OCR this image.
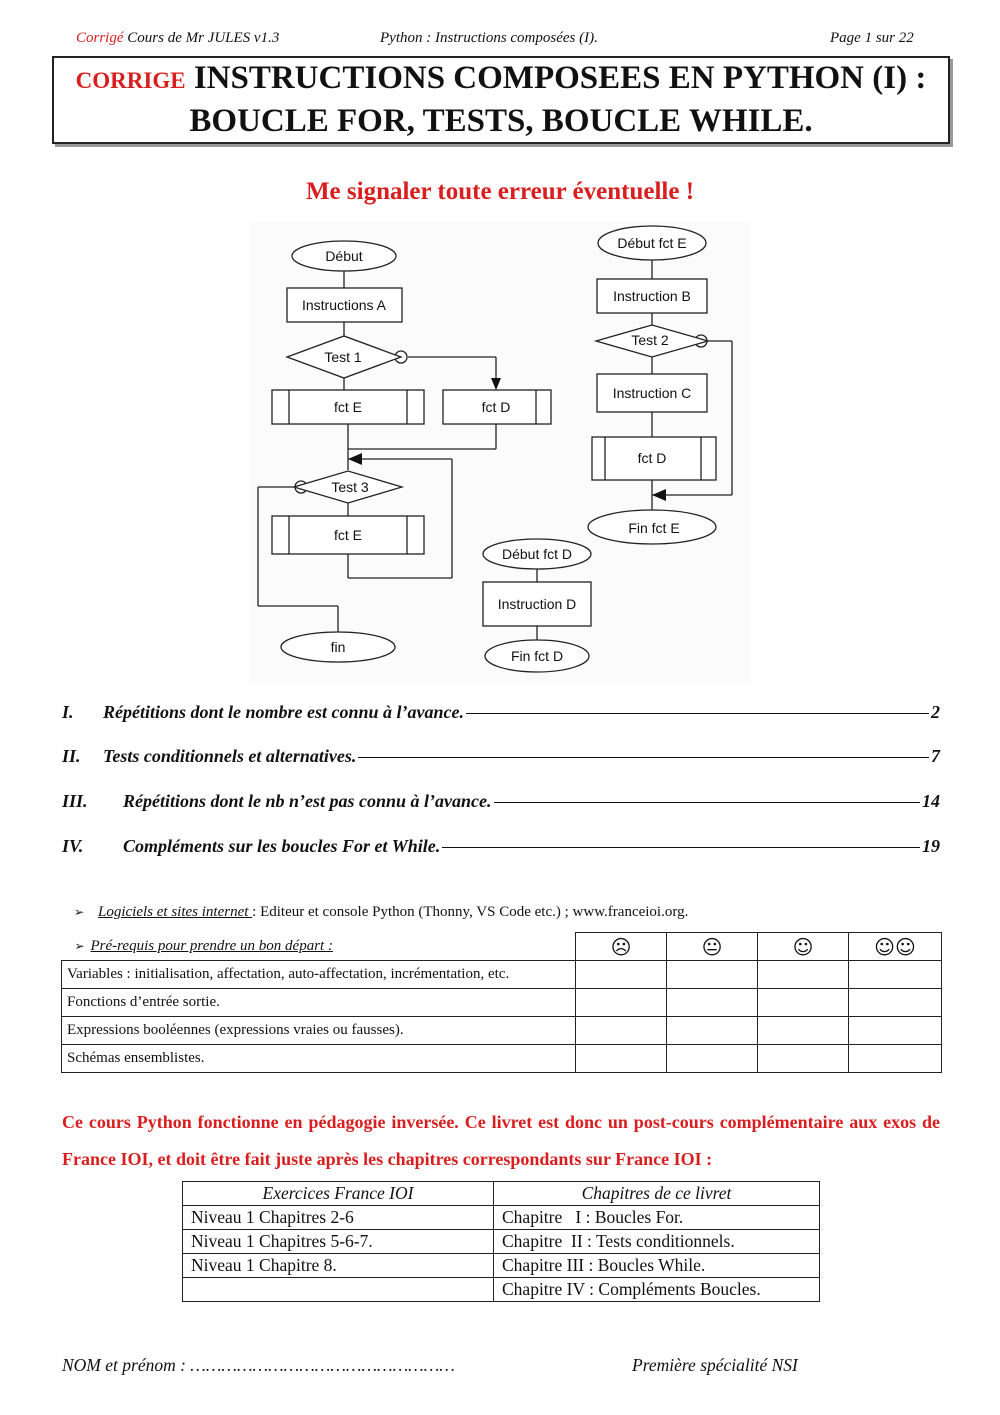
Corrigé Cours de Mr JULES v1.3	Python : Instructions composées (I).	Page 1 sur 22
CORRIGE INSTRUCTIONS COMPOSEES EN PYTHON (I) :
BOUCLE FOR, TESTS, BOUCLE WHILE.
Me signaler toute erreur éventuelle !
Début
Instructions A
Test 1
fct E	fct D
Test 3
fct E
fin
Début fct E
Instruction B
Test 2
Instruction C
fct D
Fin fct E
Début fct D
Instruction D
Fin fct D
I.	Répétitions dont le nombre est connu à l’avance.	2
II.	Tests conditionnels et alternatives.	7
III.	Répétitions dont le nb n’est pas connu à l’avance.	14
IV.	Compléments sur les boucles For et While.	19
➢ Logiciels et sites internet : Editeur et console Python (Thonny, VS Code etc.) ; www.franceioi.org.
➢ Pré-requis pour prendre un bon départ :	☹	😐	☺	☺☺
Variables : initialisation, affectation, auto-affectation, incrémentation, etc.				
Fonctions d’entrée sortie.				
Expressions booléennes (expressions vraies ou fausses).				
Schémas ensemblistes.				
Ce cours Python fonctionne en pédagogie inversée. Ce livret est donc un post-cours complémentaire aux exos de France IOI, et doit être fait juste après les chapitres correspondants sur France IOI :
Exercices France IOI	Chapitres de ce livret
Niveau 1 Chapitres 2-6	Chapitre   I : Boucles For.
Niveau 1 Chapitres 5-6-7.	Chapitre  II : Tests conditionnels.
Niveau 1 Chapitre 8.	Chapitre III : Boucles While.
	Chapitre IV : Compléments Boucles.
NOM et prénom : ……………………………………………	Première spécialité NSI
